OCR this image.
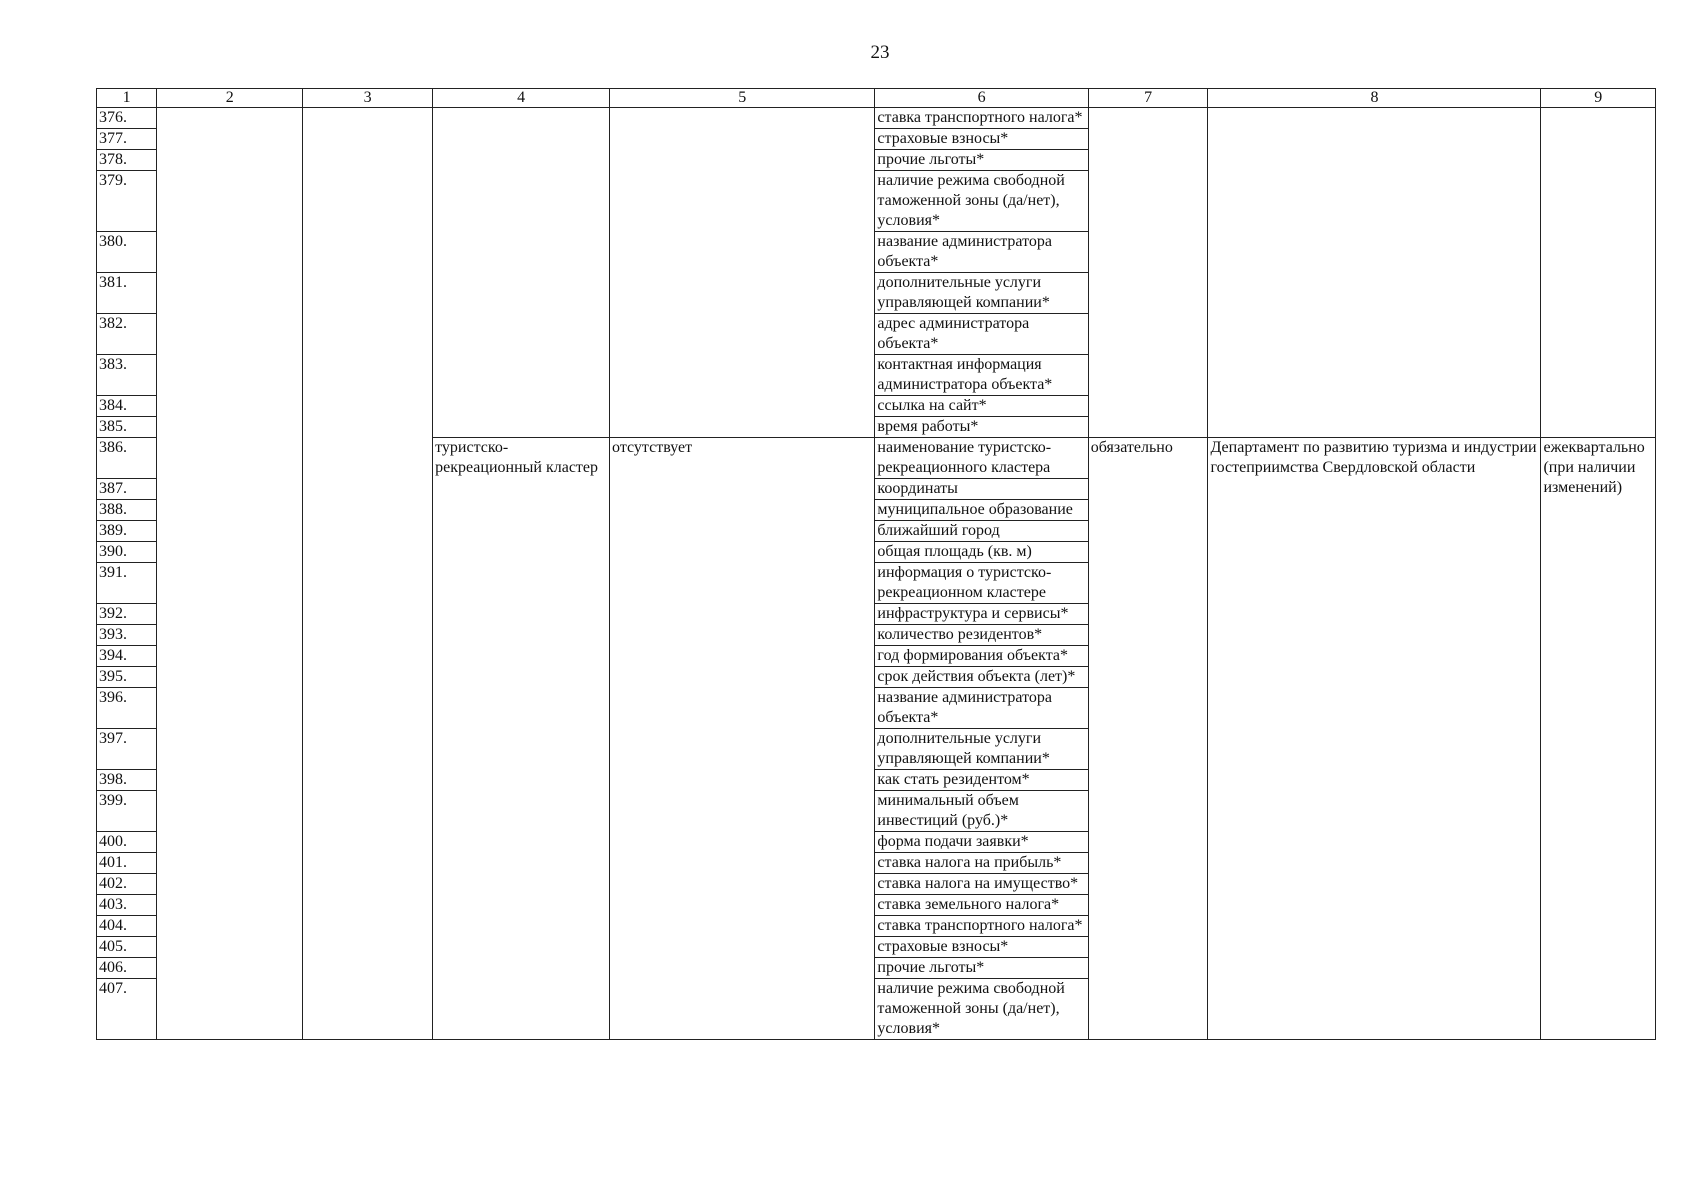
23
1	2	3	4	5	6	7	8	9
376.					ставка транспортного налога*			
377.					страховые взносы*			
378.					прочие льготы*			
379.					наличие режима свободной таможенной зоны (да/нет), условия*			
380.					название администратора объекта*			
381.					дополнительные услуги управляющей компании*			
382.					адрес администратора объекта*			
383.					контактная информация администратора объекта*			
384.					ссылка на сайт*			
385.					время работы*			
386.			туристско-рекреационный кластер	отсутствует	наименование туристско-рекреационного кластера	обязательно	Департамент по развитию туризма и индустрии гостеприимства Свердловской области	ежеквартально (при наличии изменений)
387.					координаты			
388.					муниципальное образование			
389.					ближайший город			
390.					общая площадь (кв. м)			
391.					информация о туристско-рекреационном кластере			
392.					инфраструктура и сервисы*			
393.					количество резидентов*			
394.					год формирования объекта*			
395.					срок действия объекта (лет)*			
396.					название администратора объекта*			
397.					дополнительные услуги управляющей компании*			
398.					как стать резидентом*			
399.					минимальный объем инвестиций (руб.)*			
400.					форма подачи заявки*			
401.					ставка налога на прибыль*			
402.					ставка налога на имущество*			
403.					ставка земельного налога*			
404.					ставка транспортного налога*			
405.					страховые взносы*			
406.					прочие льготы*			
407.					наличие режима свободной таможенной зоны (да/нет), условия*			
